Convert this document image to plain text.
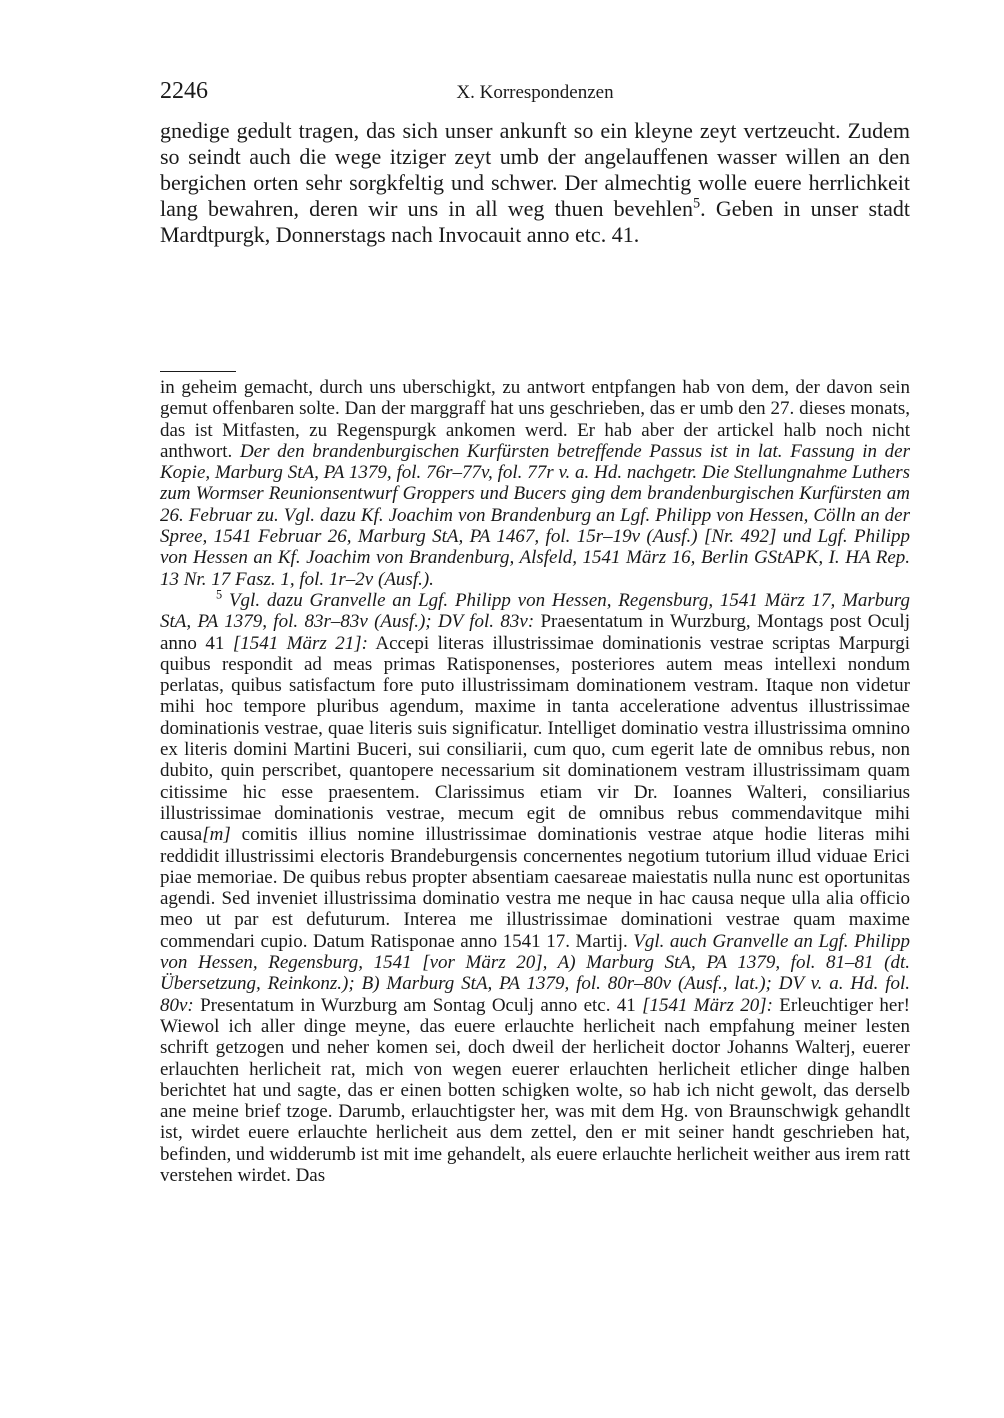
2246	X. Korrespondenzen

gnedige gedult tragen, das sich unser ankunft so ein kleyne zeyt vertzeucht. Zudem so seindt auch die wege itziger zeyt umb der angelauffenen wasser willen an den bergichen orten sehr sorgkfeltig und schwer. Der almechtig wolle euere herrlichkeit lang bewahren, deren wir uns in all weg thuen bevehlen$^5$. Geben in unser stadt Mardtpurgk, Donnerstags nach Invocauit anno etc. 41.

in geheim gemacht, durch uns uberschigkt, zu antwort entpfangen hab von dem, der davon sein gemut offenbaren solte. Dan der marggraff hat uns geschrieben, das er umb den 27. dieses monats, das ist Mitfasten, zu Regenspurgk ankomen werd. Er hab aber der artickel halb noch nicht anthwort. Der den brandenburgischen Kurfürsten betreffende Passus ist in lat. Fassung in der Kopie, Marburg StA, PA 1379, fol. 76r–77v, fol. 77r v. a. Hd. nachgetr. Die Stellungnahme Luthers zum Wormser Reunionsentwurf Groppers und Bucers ging dem brandenburgischen Kurfürsten am 26. Februar zu. Vgl. dazu Kf. Joachim von Brandenburg an Lgf. Philipp von Hessen, Cölln an der Spree, 1541 Februar 26, Marburg StA, PA 1467, fol. 15r–19v (Ausf.) [Nr. 492] und Lgf. Philipp von Hessen an Kf. Joachim von Brandenburg, Alsfeld, 1541 März 16, Berlin GStAPK, I. HA Rep. 13 Nr. 17 Fasz. 1, fol. 1r–2v (Ausf.).

$^5$ Vgl. dazu Granvelle an Lgf. Philipp von Hessen, Regensburg, 1541 März 17, Marburg StA, PA 1379, fol. 83r–83v (Ausf.); DV fol. 83v: Praesentatum in Wurzburg, Montags post Oculj anno 41 [1541 März 21]: Accepi literas illustrissimae dominationis vestrae scriptas Marpurgi quibus respondit ad meas primas Ratisponenses, posteriores autem meas intellexi nondum perlatas, quibus satisfactum fore puto illustrissimam dominationem vestram. Itaque non videtur mihi hoc tempore pluribus agendum, maxime in tanta acceleratione adventus illustrissimae dominationis vestrae, quae literis suis significatur. Intelliget dominatio vestra illustrissima omnino ex literis domini Martini Buceri, sui consiliarii, cum quo, cum egerit late de omnibus rebus, non dubito, quin perscribet, quantopere necessarium sit dominationem vestram illustrissimam quam citissime hic esse praesentem. Clarissimus etiam vir Dr. Ioannes Walteri, consiliarius illustrissimae dominationis vestrae, mecum egit de omnibus rebus commendavitque mihi causa[m] comitis illius nomine illustrissimae dominationis vestrae atque hodie literas mihi reddidit illustrissimi electoris Brandeburgensis concernentes negotium tutorium illud viduae Erici piae memoriae. De quibus rebus propter absentiam caesareae maiestatis nulla nunc est oportunitas agendi. Sed inveniet illustrissima dominatio vestra me neque in hac causa neque ulla alia officio meo ut par est defuturum. Interea me illustrissimae dominationi vestrae quam maxime commendari cupio. Datum Ratisponae anno 1541 17. Martij. Vgl. auch Granvelle an Lgf. Philipp von Hessen, Regensburg, 1541 [vor März 20], A) Marburg StA, PA 1379, fol. 81–81 (dt. Übersetzung, Reinkonz.); B) Marburg StA, PA 1379, fol. 80r–80v (Ausf., lat.); DV v. a. Hd. fol. 80v: Presentatum in Wurzburg am Sontag Oculj anno etc. 41 [1541 März 20]: Erleuchtiger her! Wiewol ich aller dinge meyne, das euere erlauchte herlicheit nach empfahung meiner lesten schrift getzogen und neher komen sei, doch dweil der herlicheit doctor Johanns Walterj, euerer erlauchten herlicheit rat, mich von wegen euerer erlauchten herlicheit etlicher dinge halben berichtet hat und sagte, das er einen botten schigken wolte, so hab ich nicht gewolt, das derselb ane meine brief tzoge. Darumb, erlauchtigster her, was mit dem Hg. von Braunschwigk gehandlt ist, wirdet euere erlauchte herlicheit aus dem zettel, den er mit seiner handt geschrieben hat, befinden, und widderumb ist mit ime gehandelt, als euere erlauchte herlicheit weither aus irem ratt verstehen wirdet. Das
